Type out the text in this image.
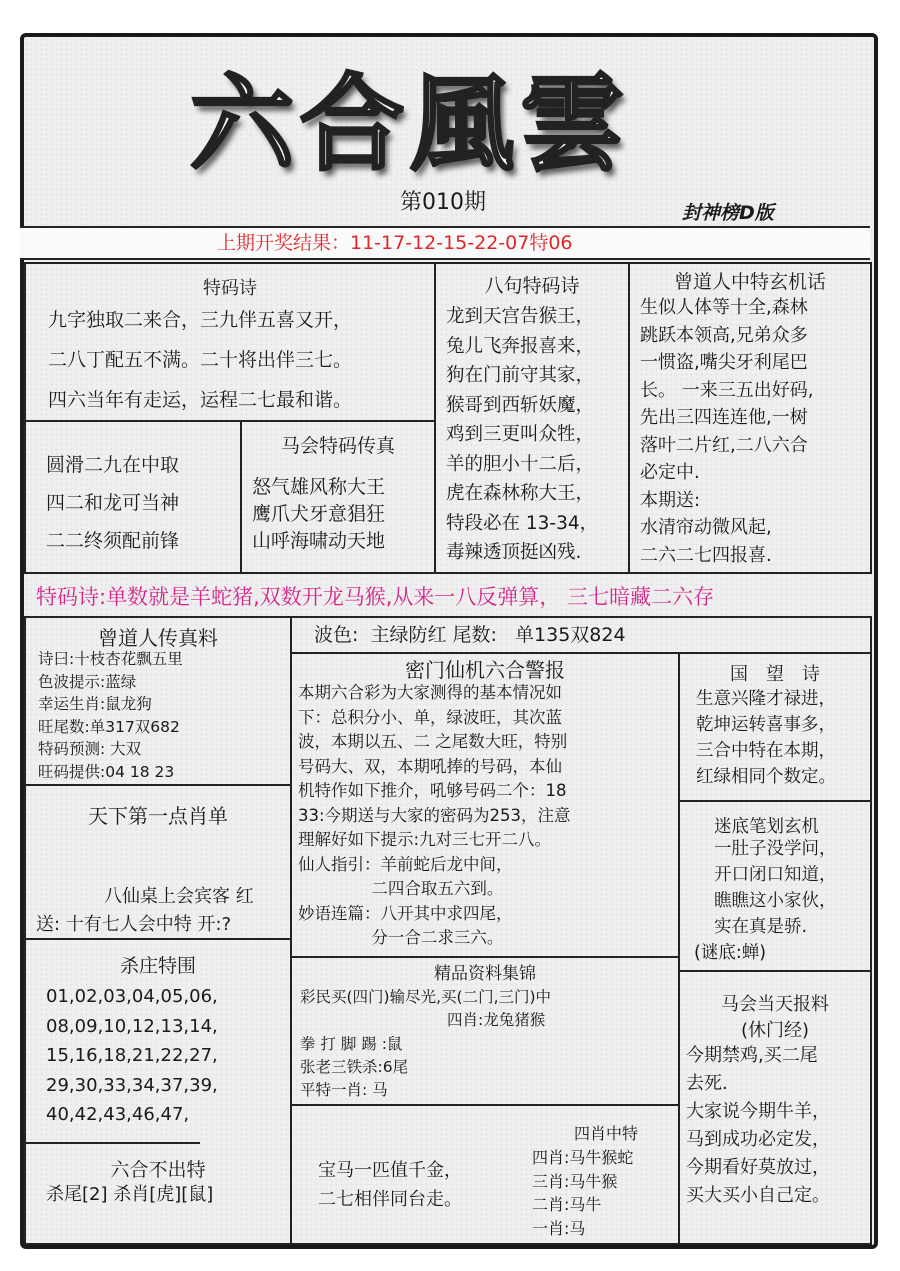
六合風雲
第010期	封神榜D版
上期开奖结果：11-17-12-15-22-07特06
特码诗
九字独取二来合，三九伴五喜又开，
二八丁配五不满。二十将出伴三七。
四六当年有走运，运程二七最和谐。
圆滑二九在中取
四二和龙可当神
二二终须配前锋
马会特码传真
怒气雄风称大王
鹰爪犬牙意猖狂
山呼海啸动天地
八句特码诗
龙到天宫告猴王，
兔儿飞奔报喜来，
狗在门前守其家，
猴哥到西斩妖魔，
鸡到三更叫众牲，
羊的胆小十二后，
虎在森林称大王，
特段必在 13-34，
毒辣透顶挺凶残.
曾道人中特玄机话
生似人体等十全,森林
跳跃本领高,兄弟众多
一惯盗,嘴尖牙利尾巴
长。 一来三五出好码,
先出三四连连他,一树
落叶二片红,二八六合
必定中.
本期送:
水清帘动微风起,
二六二七四报喜.
特码诗:单数就是羊蛇猪,双数开龙马猴,从来一八反弹算， 三七暗藏二六存
曾道人传真料
诗曰:十枝杏花飘五里
色波提示:蓝绿
幸运生肖:鼠龙狗
旺尾数:单317双682
特码预测: 大双
旺码提供:04 18 23
天下第一点肖单
八仙桌上会宾客 红
送: 十有七人会中特 开:?
杀庄特围
01,02,03,04,05,06,
08,09,10,12,13,14,
15,16,18,21,22,27,
29,30,33,34,37,39,
40,42,43,46,47,
六合不出特
杀尾[2] 杀肖[虎][鼠]
波色:  主绿防红 尾数:   单135双824
密门仙机六合警报
本期六合彩为大家测得的基本情况如
下：总积分小、单，绿波旺，其次蓝
波，本期以五、二 之尾数大旺，特别
号码大、双，本期吼捧的号码，本仙
机特作如下推介，吼够号码二个：18
33:今期送与大家的密码为253，注意
理解好如下提示:九对三七开二八。
仙人指引：羊前蛇后龙中间，
二四合取五六到。
妙语连篇：八开其中求四尾，
分一合二求三六。
精品资料集锦
彩民买(四门)输尽光,买(二门,三门)中
四肖:龙兔猪猴
拳 打 脚 踢 :鼠
张老三铁杀:6尾
平特一肖: 马
宝马一匹值千金，
二七相伴同台走。
四肖中特
四肖:马牛猴蛇
三肖:马牛猴
二肖:马牛
一肖:马
国　望　诗
生意兴隆才禄进，
乾坤运转喜事多，
三合中特在本期，
红绿相同个数定。
迷底笔划玄机
一肚子没学问，
开口闭口知道，
瞧瞧这小家伙，
实在真是骄.
(谜底:蝉)
马会当天报料
(休门经)
今期禁鸡,买二尾
去死.
大家说今期牛羊，
马到成功必定发，
今期看好莫放过，
买大买小自己定。
